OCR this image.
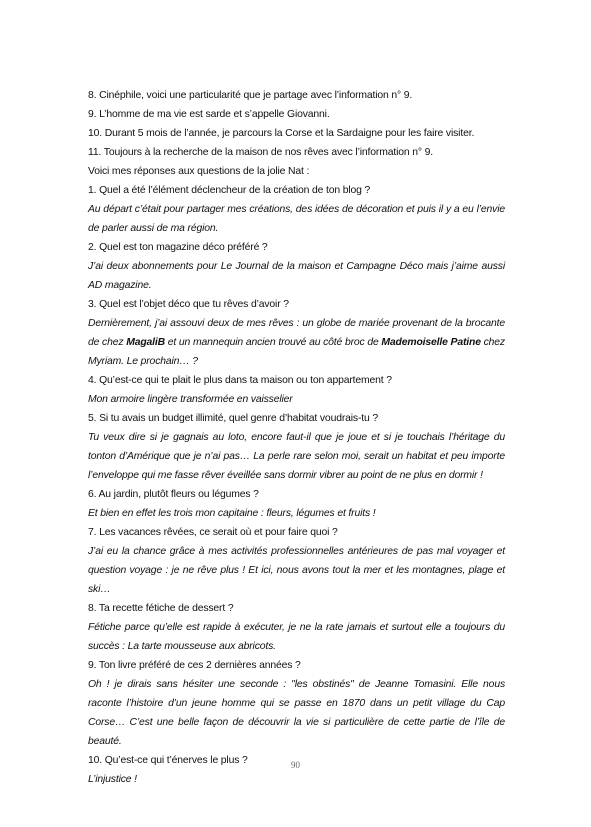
8. Cinéphile, voici une particularité que je partage avec l’information n° 9.

9. L’homme de ma vie est sarde et s’appelle Giovanni.

10. Durant 5 mois de l’année, je parcours la Corse et la Sardaigne pour les faire visiter.

11. Toujours à la recherche de la maison de nos rêves avec l’information n° 9.

Voici mes réponses aux questions de la jolie Nat :

1. Quel a été l’élément déclencheur de la création de ton blog ?

Au départ c’était pour partager mes créations, des idées de décoration et puis il y a eu l’envie de parler aussi de ma région.

2. Quel est ton magazine déco préféré ?

J’ai deux abonnements pour Le Journal de la maison et Campagne Déco mais j’aime aussi AD magazine.

3. Quel est l’objet déco que tu rêves d’avoir ?

Dernièrement, j’ai assouvi deux de mes rêves : un globe de mariée provenant de la brocante de chez MagaliB et un mannequin ancien trouvé au côté broc de Mademoiselle Patine chez Myriam. Le prochain… ?

4. Qu’est-ce qui te plait le plus dans ta maison ou ton appartement ?

Mon armoire lingère transformée en vaisselier

5. Si tu avais un budget illimité, quel genre d’habitat voudrais-tu ?

Tu veux dire si je gagnais au loto, encore faut-il que je joue et si je touchais l’héritage du tonton d’Amérique que je n’ai pas… La perle rare selon moi, serait un habitat et peu importe l’enveloppe qui me fasse rêver éveillée sans dormir vibrer au point de ne plus en dormir !

6. Au jardin, plutôt fleurs ou légumes ?

Et bien en effet les trois mon capitaine : fleurs, légumes et fruits !

7. Les vacances rêvées, ce serait où et pour faire quoi ?

J’ai eu la chance grâce à mes activités professionnelles antérieures de pas mal voyager et question voyage : je ne rêve plus ! Et ici, nous avons tout la mer et les montagnes, plage et ski…

8. Ta recette fétiche de dessert ?

Fétiche parce qu’elle est rapide à exécuter, je ne la rate jamais et surtout elle a toujours du succès : La tarte mousseuse aux abricots.

9. Ton livre préféré de ces 2 dernières années ?

Oh ! je dirais sans hésiter une seconde : "les obstinés" de Jeanne Tomasini. Elle nous raconte l’histoire d’un jeune homme qui se passe en 1870 dans un petit village du Cap Corse… C’est une belle façon de découvrir la vie si particulière de cette partie de l’île de beauté.

10. Qu’est-ce qui t’énerves le plus ?

L’injustice !

90
